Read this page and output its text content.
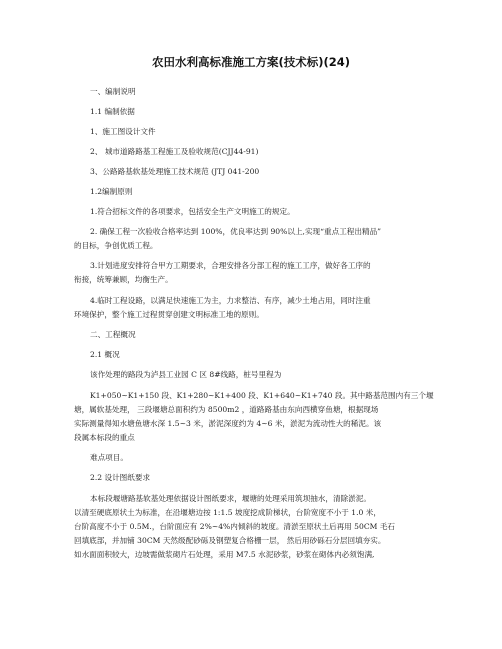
农田水利高标准施工方案(技术标)(24)
一、编制说明
1.1 编制依据
1、施工图设计文件
2、 城市道路路基工程施工及验收规范(CJJ44-91)
3、公路路基软基处理施工技术规范 (JTJ 041-200
1.2编制原则
1.符合招标文件的各项要求，包括安全生产文明施工的规定。
2. 确保工程一次验收合格率达到 100%，优良率达到 90%以上,实现“重点工程出精品”
的目标，争创优质工程。
3.计划进度安排符合甲方工期要求，合理安排各分部工程的施工工序，做好各工序的
衔接，统筹兼顾，均衡生产。
4.临时工程设路，以满足快速施工为主，力求整洁、有序，减少土地占用，同时注重
环境保护，整个施工过程贯穿创建文明标准工地的原则。
二、工程概况
2.1 概况
该作处理的路段为泸县工业园 C 区 8#线路，桩号里程为
K1+050~K1+150 段、K1+280~K1+400 段、K1+640~K1+740 段。其中路基范围内有三个堰
塘，属软基处理， 三段堰塘总面积约为 8500m2 ，道路路基由东向西横穿鱼塘，根据现场
实际测量得知水塘鱼塘水深 1.5~3 米，淤泥深度约为 4~6 米，淤泥为流动性大的稀泥。该
段属本标段的重点
难点项目。
2.2 设计图纸要求
本标段堰塘路基软基处理依据设计图纸要求，堰塘的处理采用筑坝抽水，清除淤泥。
以清至硬底原状土为标准，在沿堰塘边按 1:1.5 坡度挖成阶梯状，台阶宽度不小于 1.0 米，
台阶高度不小于 0.5M.，台阶面应有 2%~4%内倾斜的坡度。清淤至原状土后再用 50CM 毛石
回填底部，并加铺 30CM 天然级配砂砾及钢塑复合格栅一层， 然后用砂砾石分层回填夯实。
如水面面积较大，边坡需做浆砌片石处理，采用 M7.5 水泥砂浆，砂浆在砌体内必须饱满,
